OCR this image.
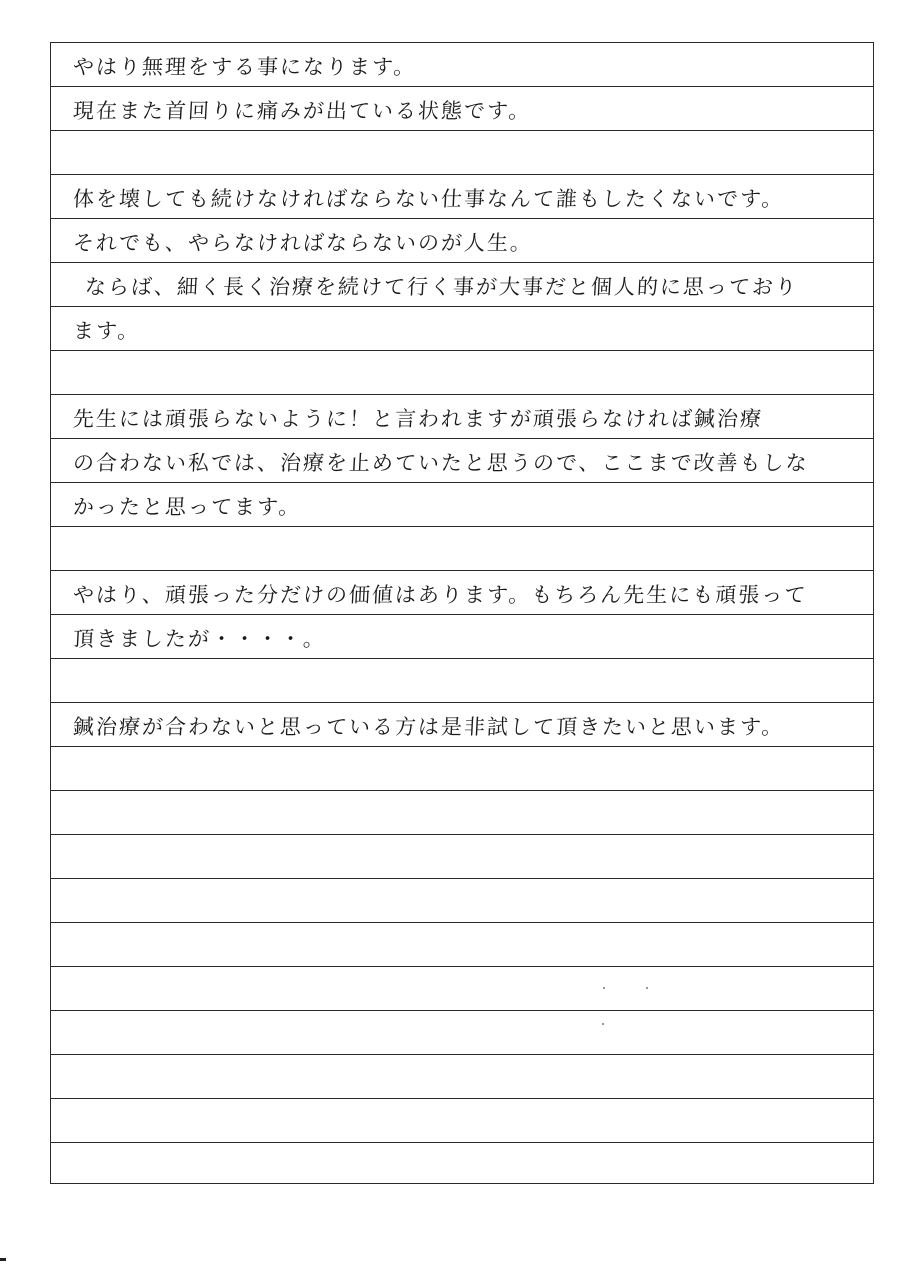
やはり無理をする事になります。
現在また首回りに痛みが出ている状態です。
体を壊しても続けなければならない仕事なんて誰もしたくないです。
それでも、やらなければならないのが人生。
ならば、細く長く治療を続けて行く事が大事だと個人的に思っており
ます。
先生には頑張らないように！と言われますが頑張らなければ鍼治療
の合わない私では、治療を止めていたと思うので、ここまで改善もしな
かったと思ってます。
やはり、頑張った分だけの価値はあります。もちろん先生にも頑張って
頂きましたが・・・・。
鍼治療が合わないと思っている方は是非試して頂きたいと思います。
